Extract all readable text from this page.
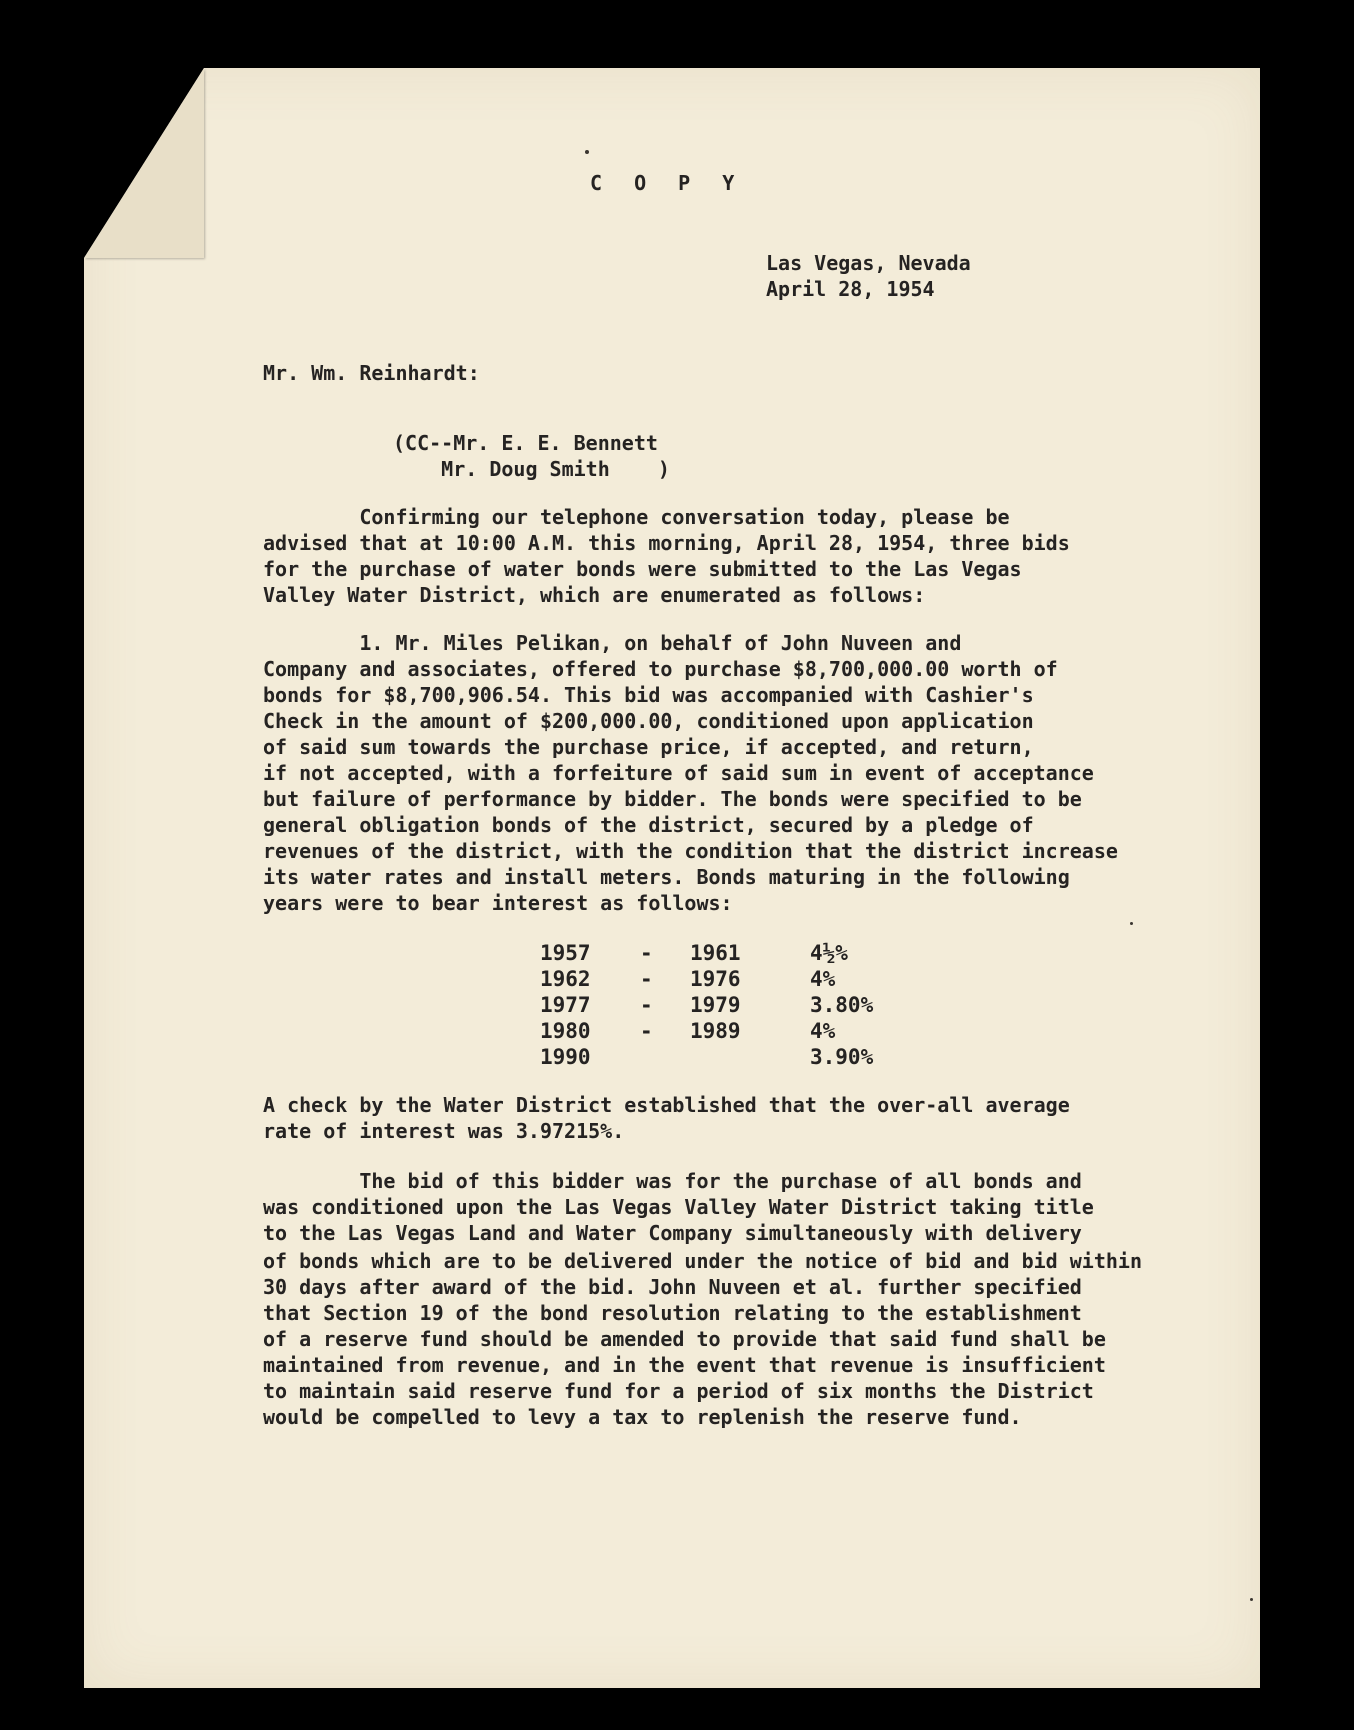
C O P Y
Las Vegas, Nevada
April 28, 1954
Mr. Wm. Reinhardt:
(CC--Mr. E. E. Bennett
Mr. Doug Smith    )
Confirming our telephone conversation today, please be
advised that at 10:00 A.M. this morning, April 28, 1954, three bids
for the purchase of water bonds were submitted to the Las Vegas
Valley Water District, which are enumerated as follows:
1. Mr. Miles Pelikan, on behalf of John Nuveen and
Company and associates, offered to purchase $8,700,000.00 worth of
bonds for $8,700,906.54. This bid was accompanied with Cashier's
Check in the amount of $200,000.00, conditioned upon application
of said sum towards the purchase price, if accepted, and return,
if not accepted, with a forfeiture of said sum in event of acceptance
but failure of performance by bidder. The bonds were specified to be
general obligation bonds of the district, secured by a pledge of
revenues of the district, with the condition that the district increase
its water rates and install meters. Bonds maturing in the following
years were to bear interest as follows:
1957 - 1961	4½%
1962 - 1976	4%
1977 - 1979	3.80%
1980 - 1989	4%
1990	3.90%
A check by the Water District established that the over-all average
rate of interest was 3.97215%.
The bid of this bidder was for the purchase of all bonds and
was conditioned upon the Las Vegas Valley Water District taking title
to the Las Vegas Land and Water Company simultaneously with delivery
of bonds which are to be delivered under the notice of bid and bid within
30 days after award of the bid. John Nuveen et al. further specified
that Section 19 of the bond resolution relating to the establishment
of a reserve fund should be amended to provide that said fund shall be
maintained from revenue, and in the event that revenue is insufficient
to maintain said reserve fund for a period of six months the District
would be compelled to levy a tax to replenish the reserve fund.
